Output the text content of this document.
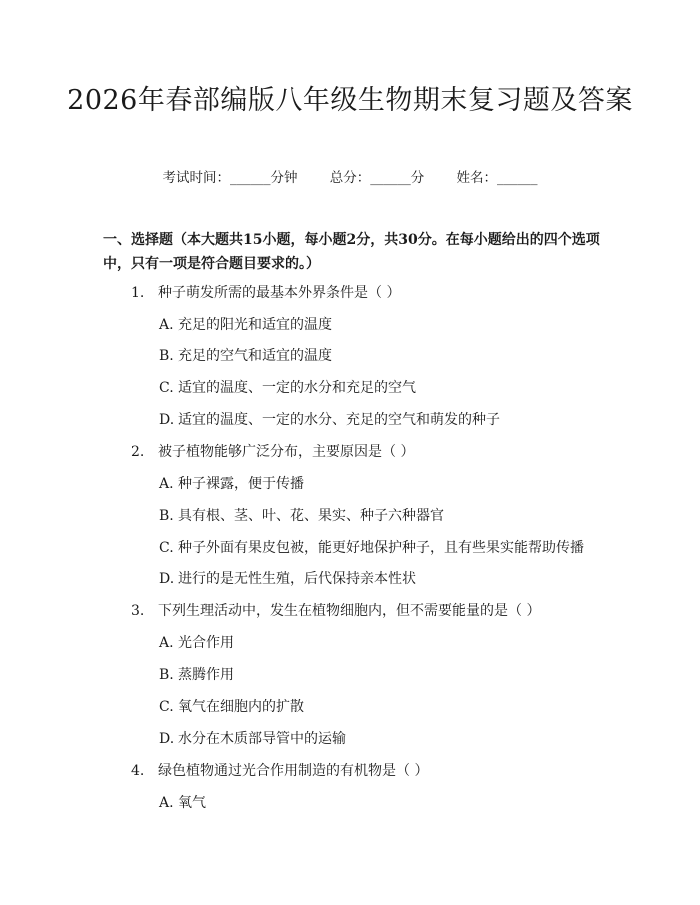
2026年春部编版八年级生物期末复习题及答案
考试时间：______分钟 总分：______分 姓名：______
一、选择题（本大题共15小题，每小题2分，共30分。在每小题给出的四个选项中，只有一项是符合题目要求的。）
1. 种子萌发所需的最基本外界条件是（ ）
A. 充足的阳光和适宜的温度
B. 充足的空气和适宜的温度
C. 适宜的温度、一定的水分和充足的空气
D. 适宜的温度、一定的水分、充足的空气和萌发的种子
2. 被子植物能够广泛分布，主要原因是（ ）
A. 种子裸露，便于传播
B. 具有根、茎、叶、花、果实、种子六种器官
C. 种子外面有果皮包被，能更好地保护种子，且有些果实能帮助传播
D. 进行的是无性生殖，后代保持亲本性状
3. 下列生理活动中，发生在植物细胞内，但不需要能量的是（ ）
A. 光合作用
B. 蒸腾作用
C. 氧气在细胞内的扩散
D. 水分在木质部导管中的运输
4. 绿色植物通过光合作用制造的有机物是（ ）
A. 氧气
